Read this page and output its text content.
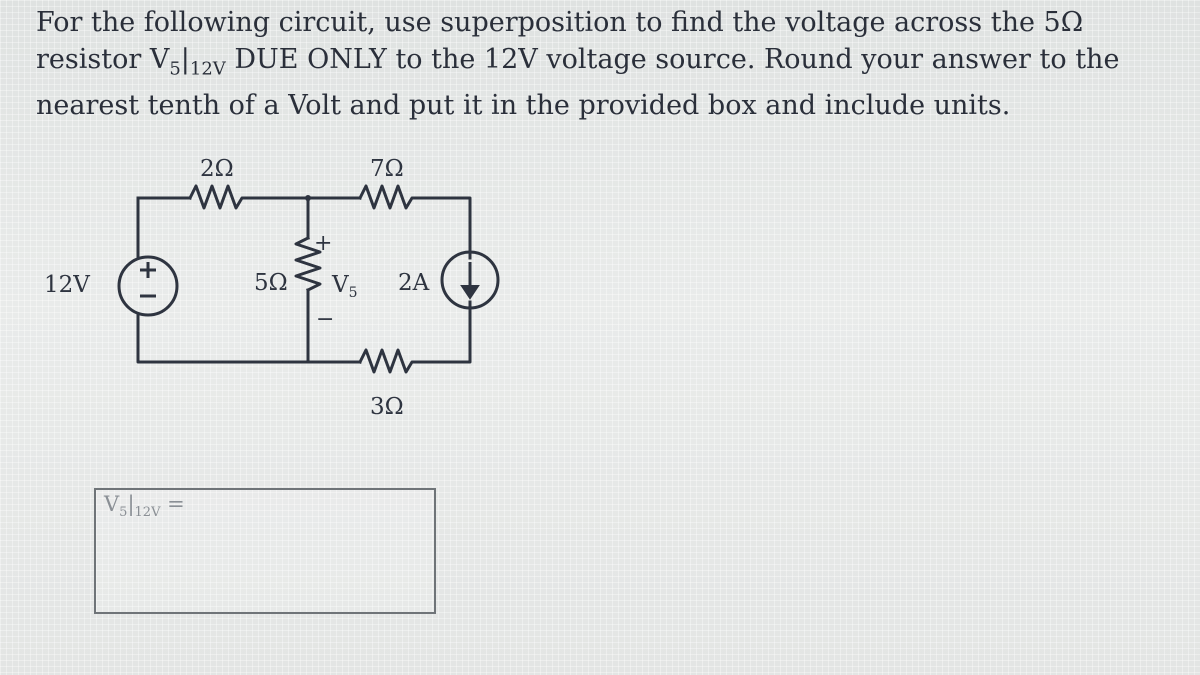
For the following circuit, use superposition to find the voltage across the 5Ω resistor $V_5|_{12V}$ DUE ONLY to the 12V voltage source. Round your answer to the nearest tenth of a Volt and put it in the provided box and include units.
2Ω	7Ω
5Ω
3Ω
12V	2A
+
−
$V_5$
$V_5|_{12V}$ =
